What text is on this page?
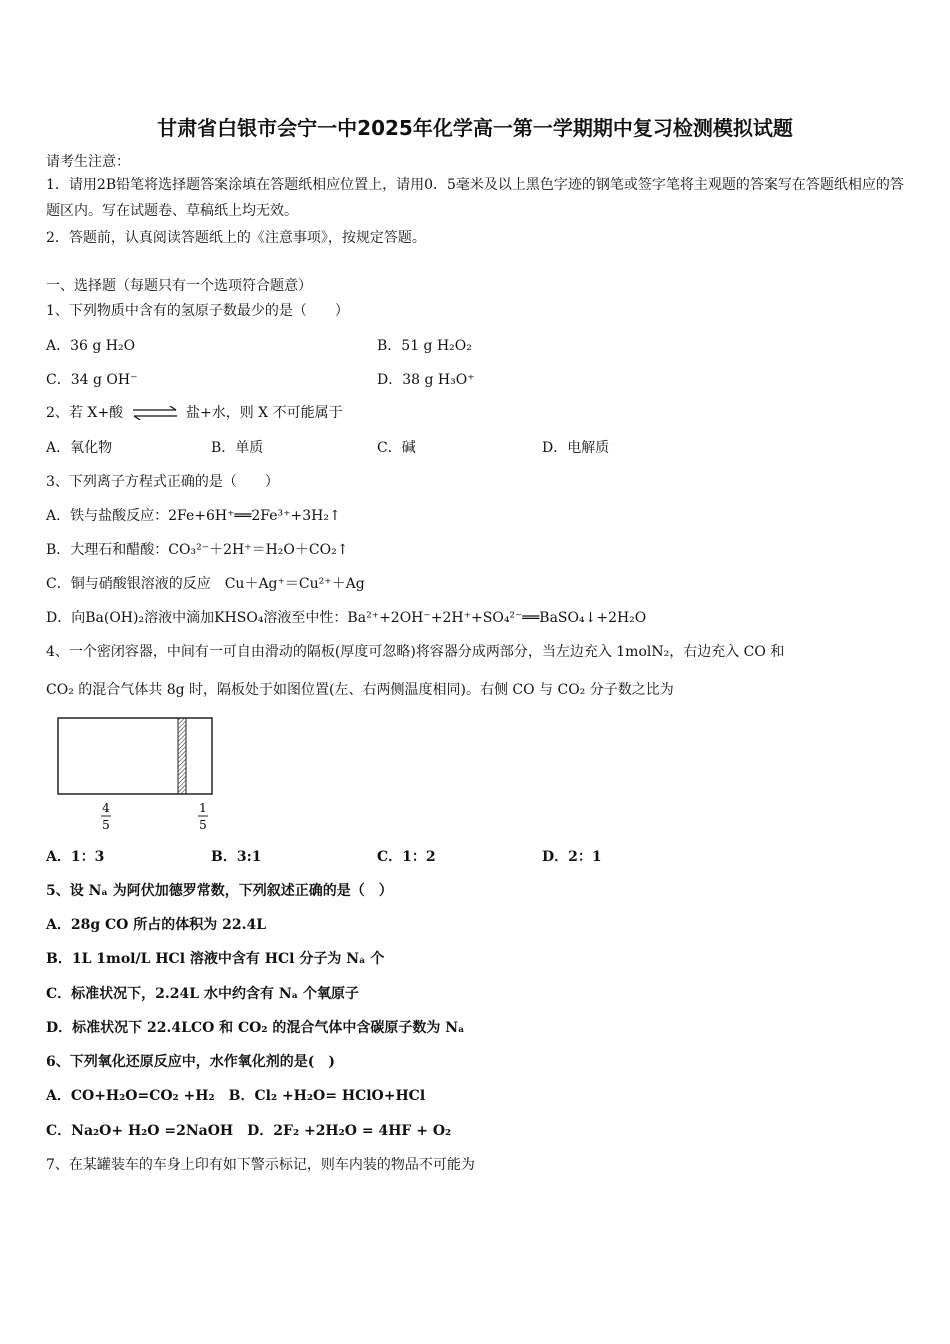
甘肃省白银市会宁一中2025年化学高一第一学期期中复习检测模拟试题
请考生注意：
1．请用2B铅笔将选择题答案涂填在答题纸相应位置上，请用0．5毫米及以上黑色字迹的钢笔或签字笔将主观题的答案写在答题纸相应的答题区内。写在试题卷、草稿纸上均无效。
2．答题前，认真阅读答题纸上的《注意事项》，按规定答题。
一、选择题（每题只有一个选项符合题意）
1、下列物质中含有的氢原子数最少的是（　　）
A．36 g H₂O	B．51 g H₂O₂
C．34 g OH⁻	D．38 g H₃O⁺
2、若 X+酸 ⇌ 盐+水，则 X 不可能属于
A．氧化物	B．单质	C．碱	D．电解质
3、下列离子方程式正确的是（　　）
A．铁与盐酸反应：2Fe+6H⁺══2Fe³⁺+3H₂↑
B．大理石和醋酸：CO₃²⁻＋2H⁺＝H₂O＋CO₂↑
C．铜与硝酸银溶液的反应　Cu＋Ag⁺＝Cu²⁺＋Ag
D．向Ba(OH)₂溶液中滴加KHSO₄溶液至中性：Ba²⁺+2OH⁻+2H⁺+SO₄²⁻══BaSO₄↓+2H₂O
4、一个密闭容器，中间有一可自由滑动的隔板(厚度可忽略)将容器分成两部分，当左边充入 1molN₂，右边充入 CO 和
CO₂ 的混合气体共 8g 时，隔板处于如图位置(左、右两侧温度相同)。右侧 CO 与 CO₂ 分子数之比为
4
5
1
5
A．1：3	B．3:1	C．1：2	D．2：1
5、设 Nₐ 为阿伏加德罗常数，下列叙述正确的是（　）
A．28g CO 所占的体积为 22.4L
B．1L 1mol/L HCl 溶液中含有 HCl 分子为 Nₐ 个
C．标准状况下，2.24L 水中约含有 Nₐ 个氧原子
D．标准状况下 22.4LCO 和 CO₂ 的混合气体中含碳原子数为 Nₐ
6、下列氧化还原反应中，水作氧化剂的是(　)
A．CO+H₂O=CO₂ +H₂　B．Cl₂ +H₂O= HClO+HCl
C．Na₂O+ H₂O =2NaOH　D．2F₂ +2H₂O = 4HF + O₂
7、在某罐装车的车身上印有如下警示标记，则车内装的物品不可能为
